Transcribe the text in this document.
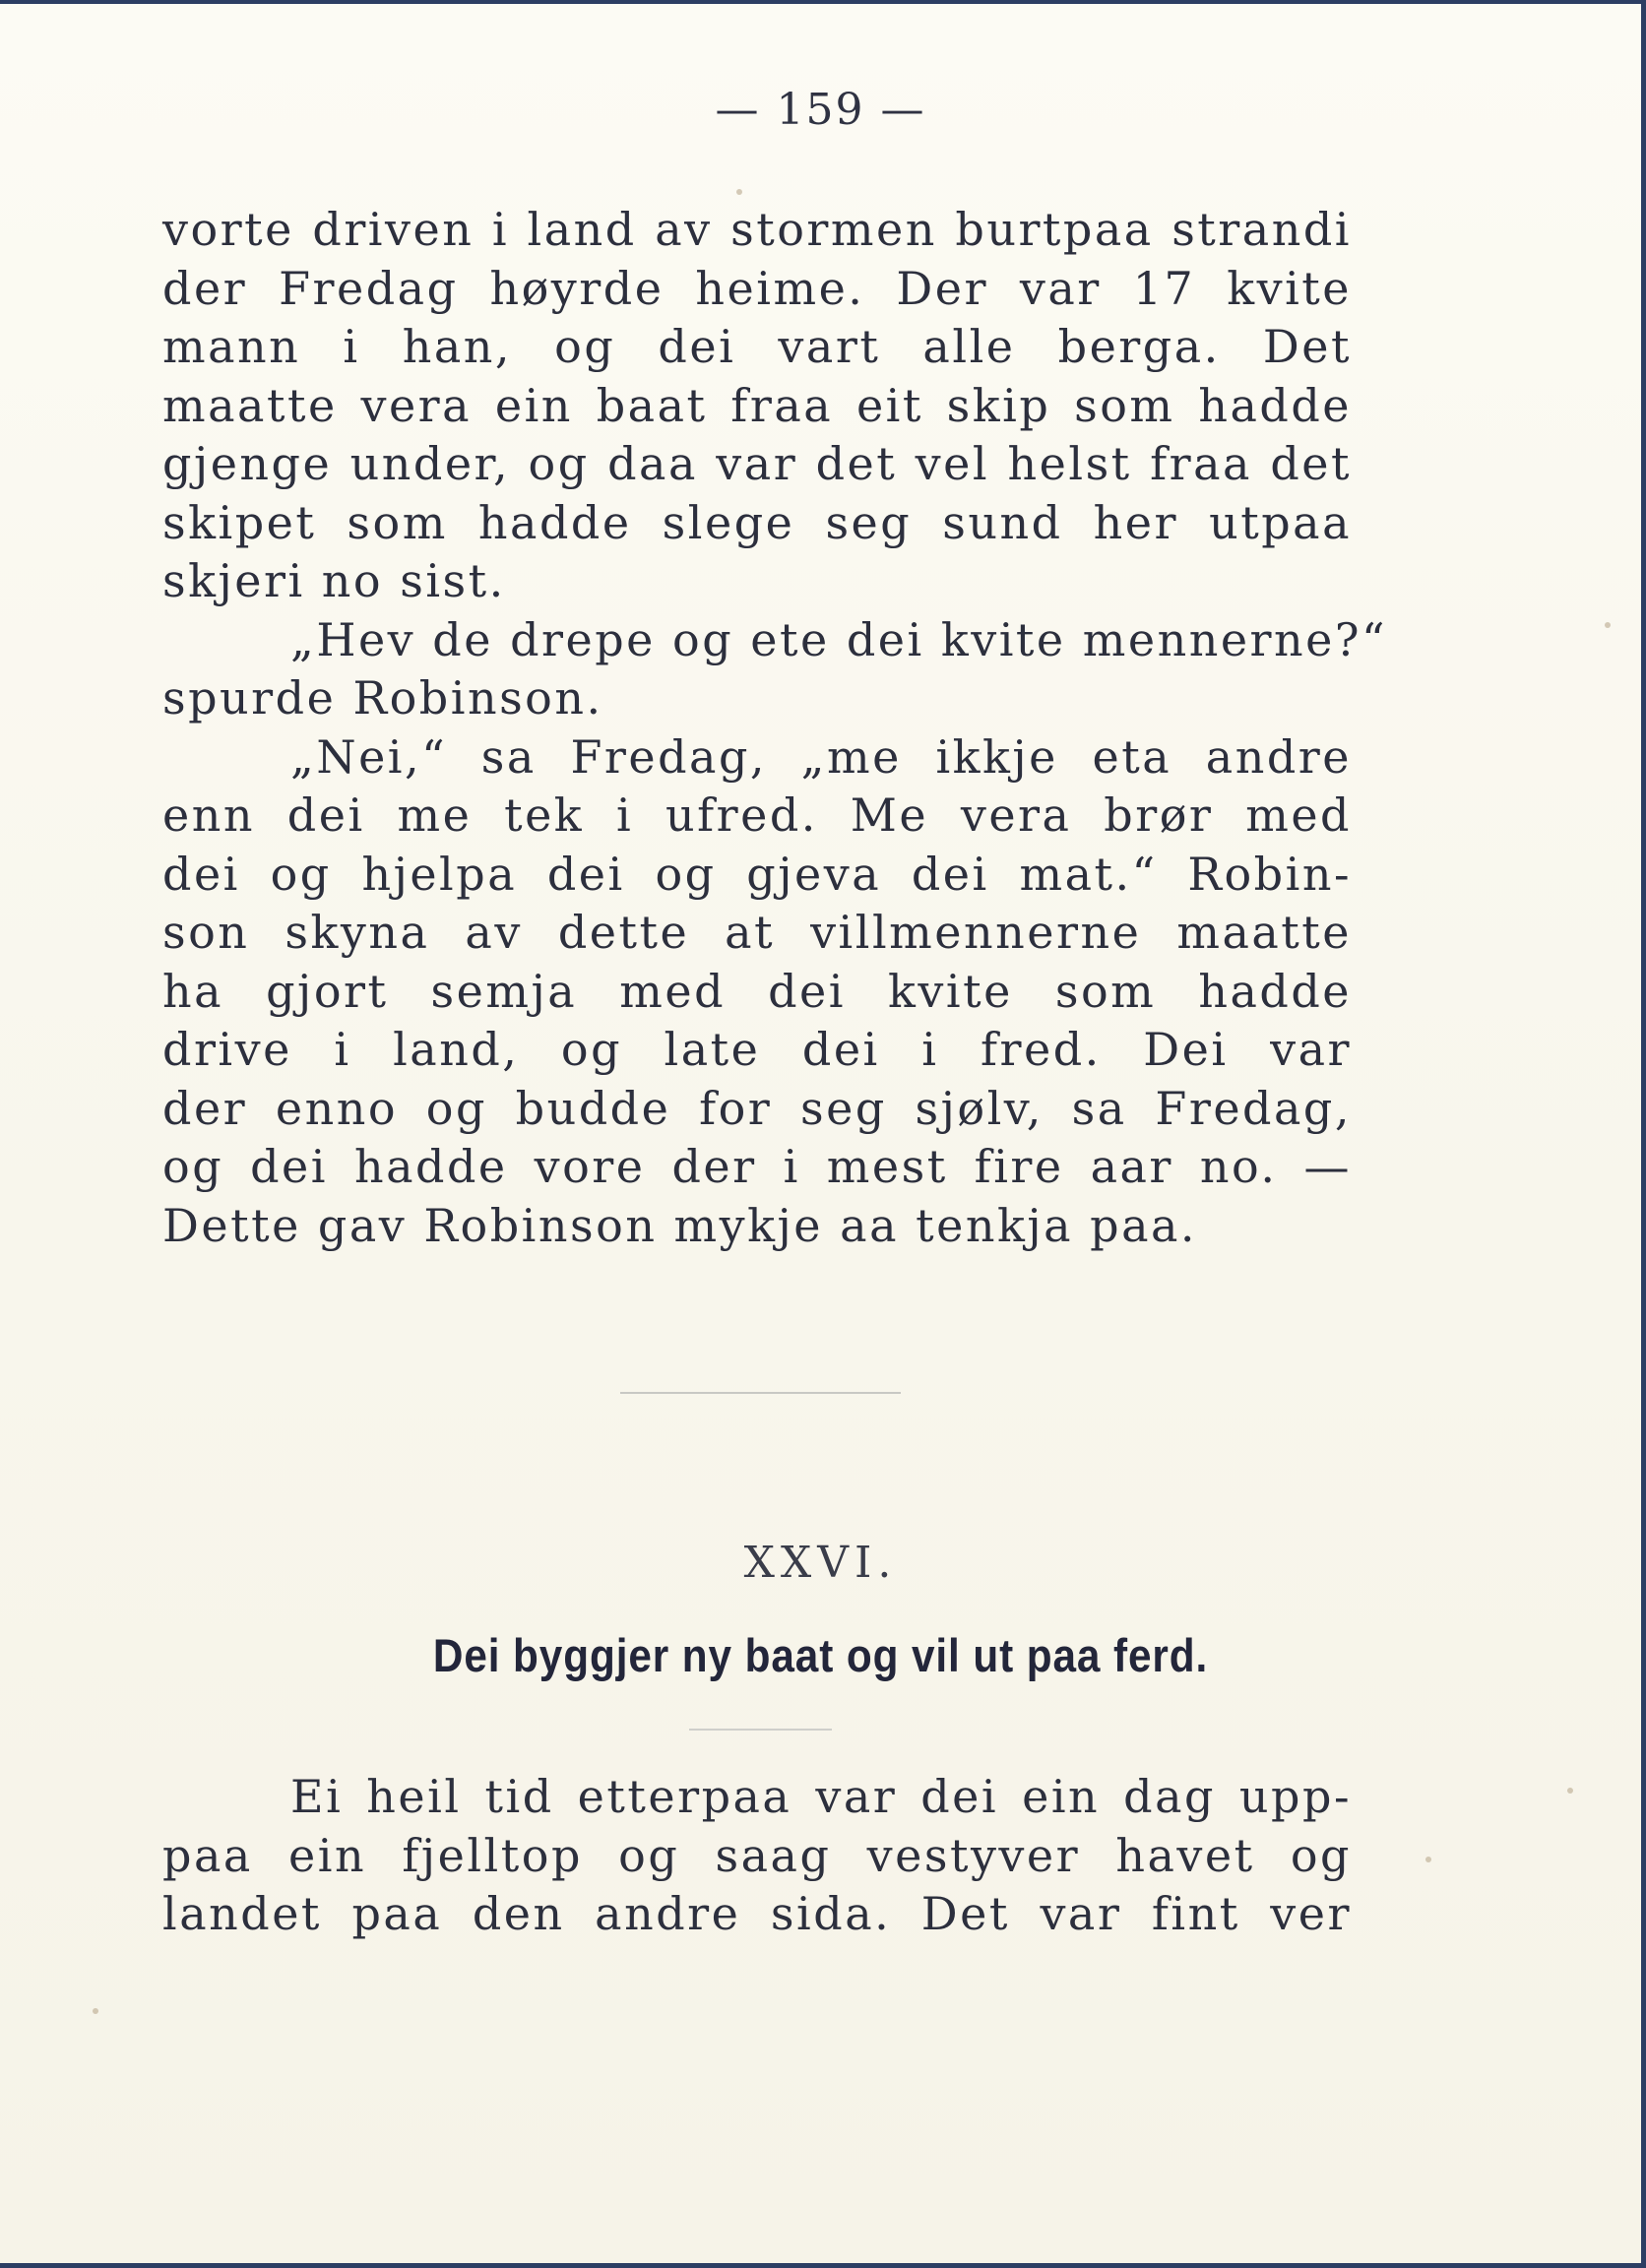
— 159 —
vorte driven i land av stormen burtpaa strandi
der Fredag høyrde heime. Der var 17 kvite
mann i han, og dei vart alle berga. Det
maatte vera ein baat fraa eit skip som hadde
gjenge under, og daa var det vel helst fraa det
skipet som hadde slege seg sund her utpaa
skjeri no sist.
„Hev de drepe og ete dei kvite mennerne?“
spurde Robinson.
„Nei,“ sa Fredag, „me ikkje eta andre
enn dei me tek i ufred. Me vera brør med
dei og hjelpa dei og gjeva dei mat.“ Robin-
son skyna av dette at villmennerne maatte
ha gjort semja med dei kvite som hadde
drive i land, og late dei i fred. Dei var
der enno og budde for seg sjølv, sa Fredag,
og dei hadde vore der i mest fire aar no. —
Dette gav Robinson mykje aa tenkja paa.
XXVI.
Dei byggjer ny baat og vil ut paa ferd.
Ei heil tid etterpaa var dei ein dag upp-
paa ein fjelltop og saag vestyver havet og
landet paa den andre sida. Det var fint ver
